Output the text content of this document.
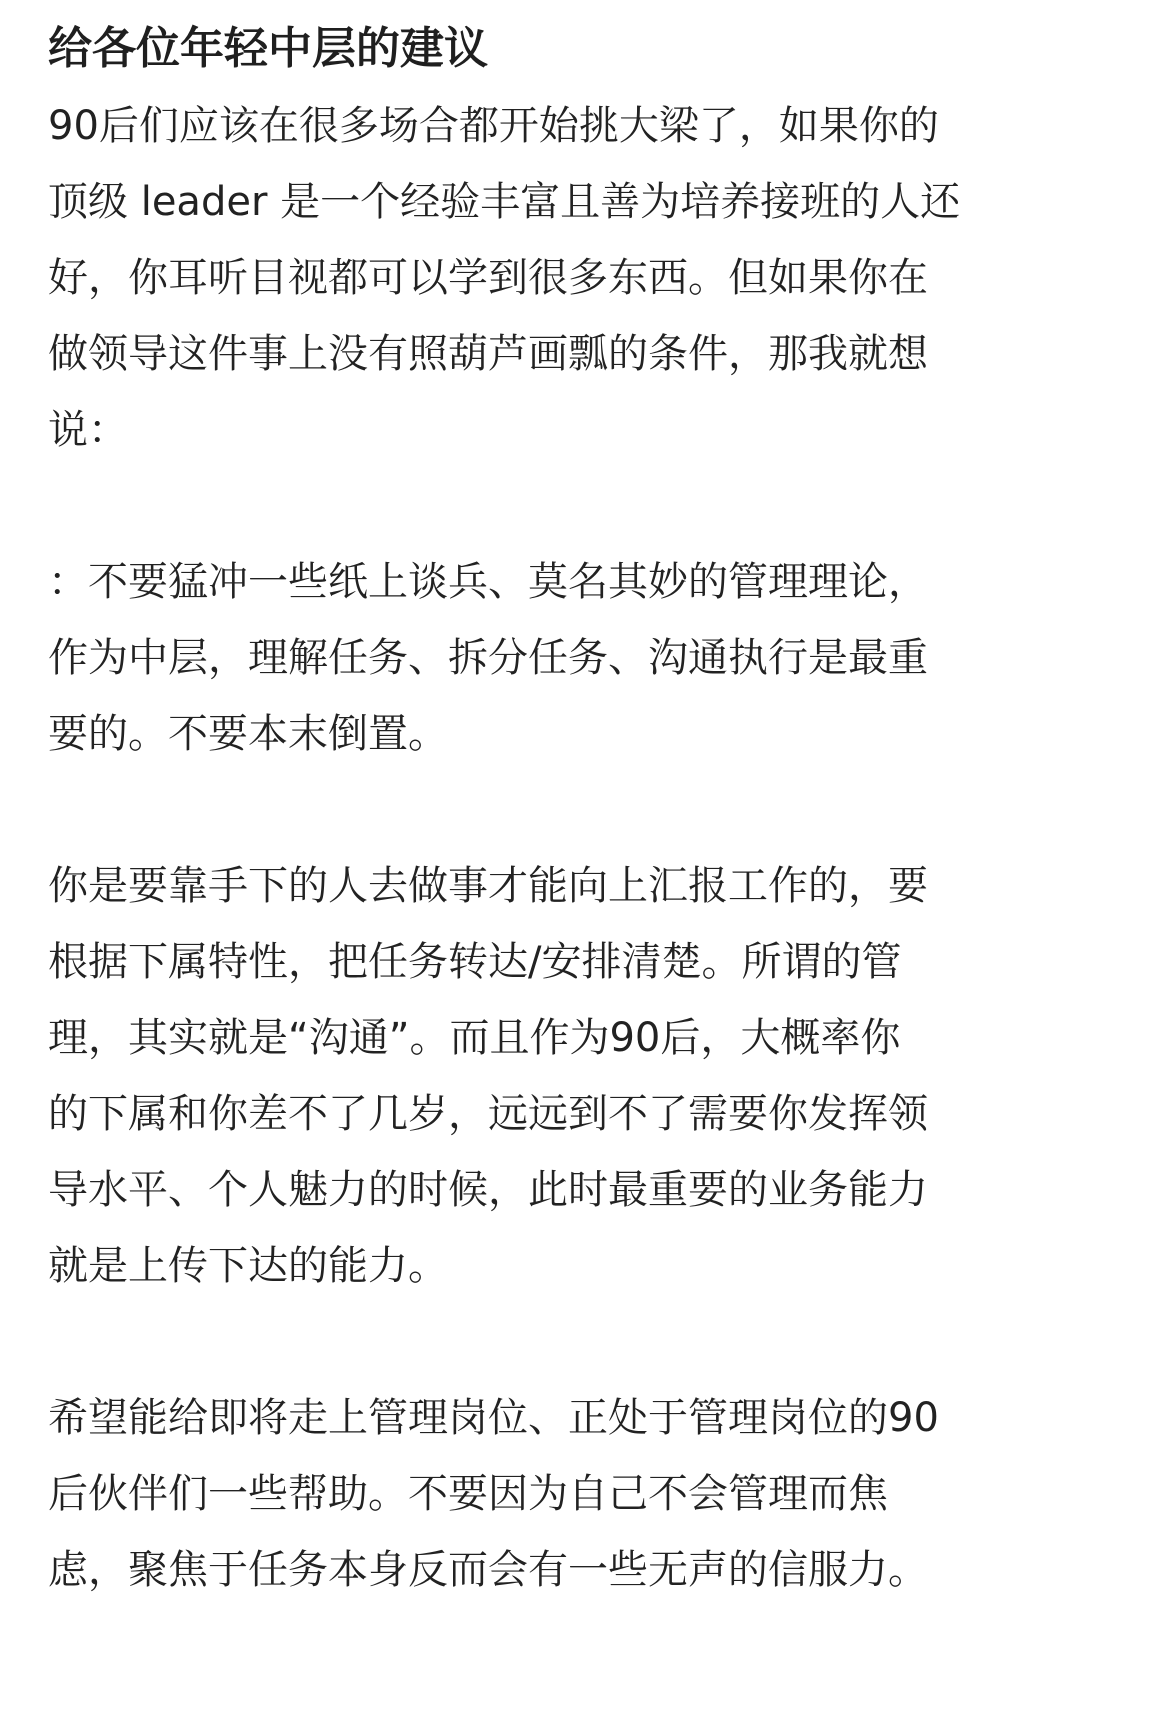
给各位年轻中层的建议
90后们应该在很多场合都开始挑大梁了，如果你的
顶级 leader 是一个经验丰富且善为培养接班的人还
好，你耳听目视都可以学到很多东西。但如果你在
做领导这件事上没有照葫芦画瓢的条件，那我就想
说：
：不要猛冲一些纸上谈兵、莫名其妙的管理理论，
作为中层，理解任务、拆分任务、沟通执行是最重
要的。不要本末倒置。
你是要靠手下的人去做事才能向上汇报工作的，要
根据下属特性，把任务转达/安排清楚。所谓的管
理，其实就是“沟通”。而且作为90后，大概率你
的下属和你差不了几岁，远远到不了需要你发挥领
导水平、个人魅力的时候，此时最重要的业务能力
就是上传下达的能力。
希望能给即将走上管理岗位、正处于管理岗位的90
后伙伴们一些帮助。不要因为自己不会管理而焦
虑，聚焦于任务本身反而会有一些无声的信服力。
